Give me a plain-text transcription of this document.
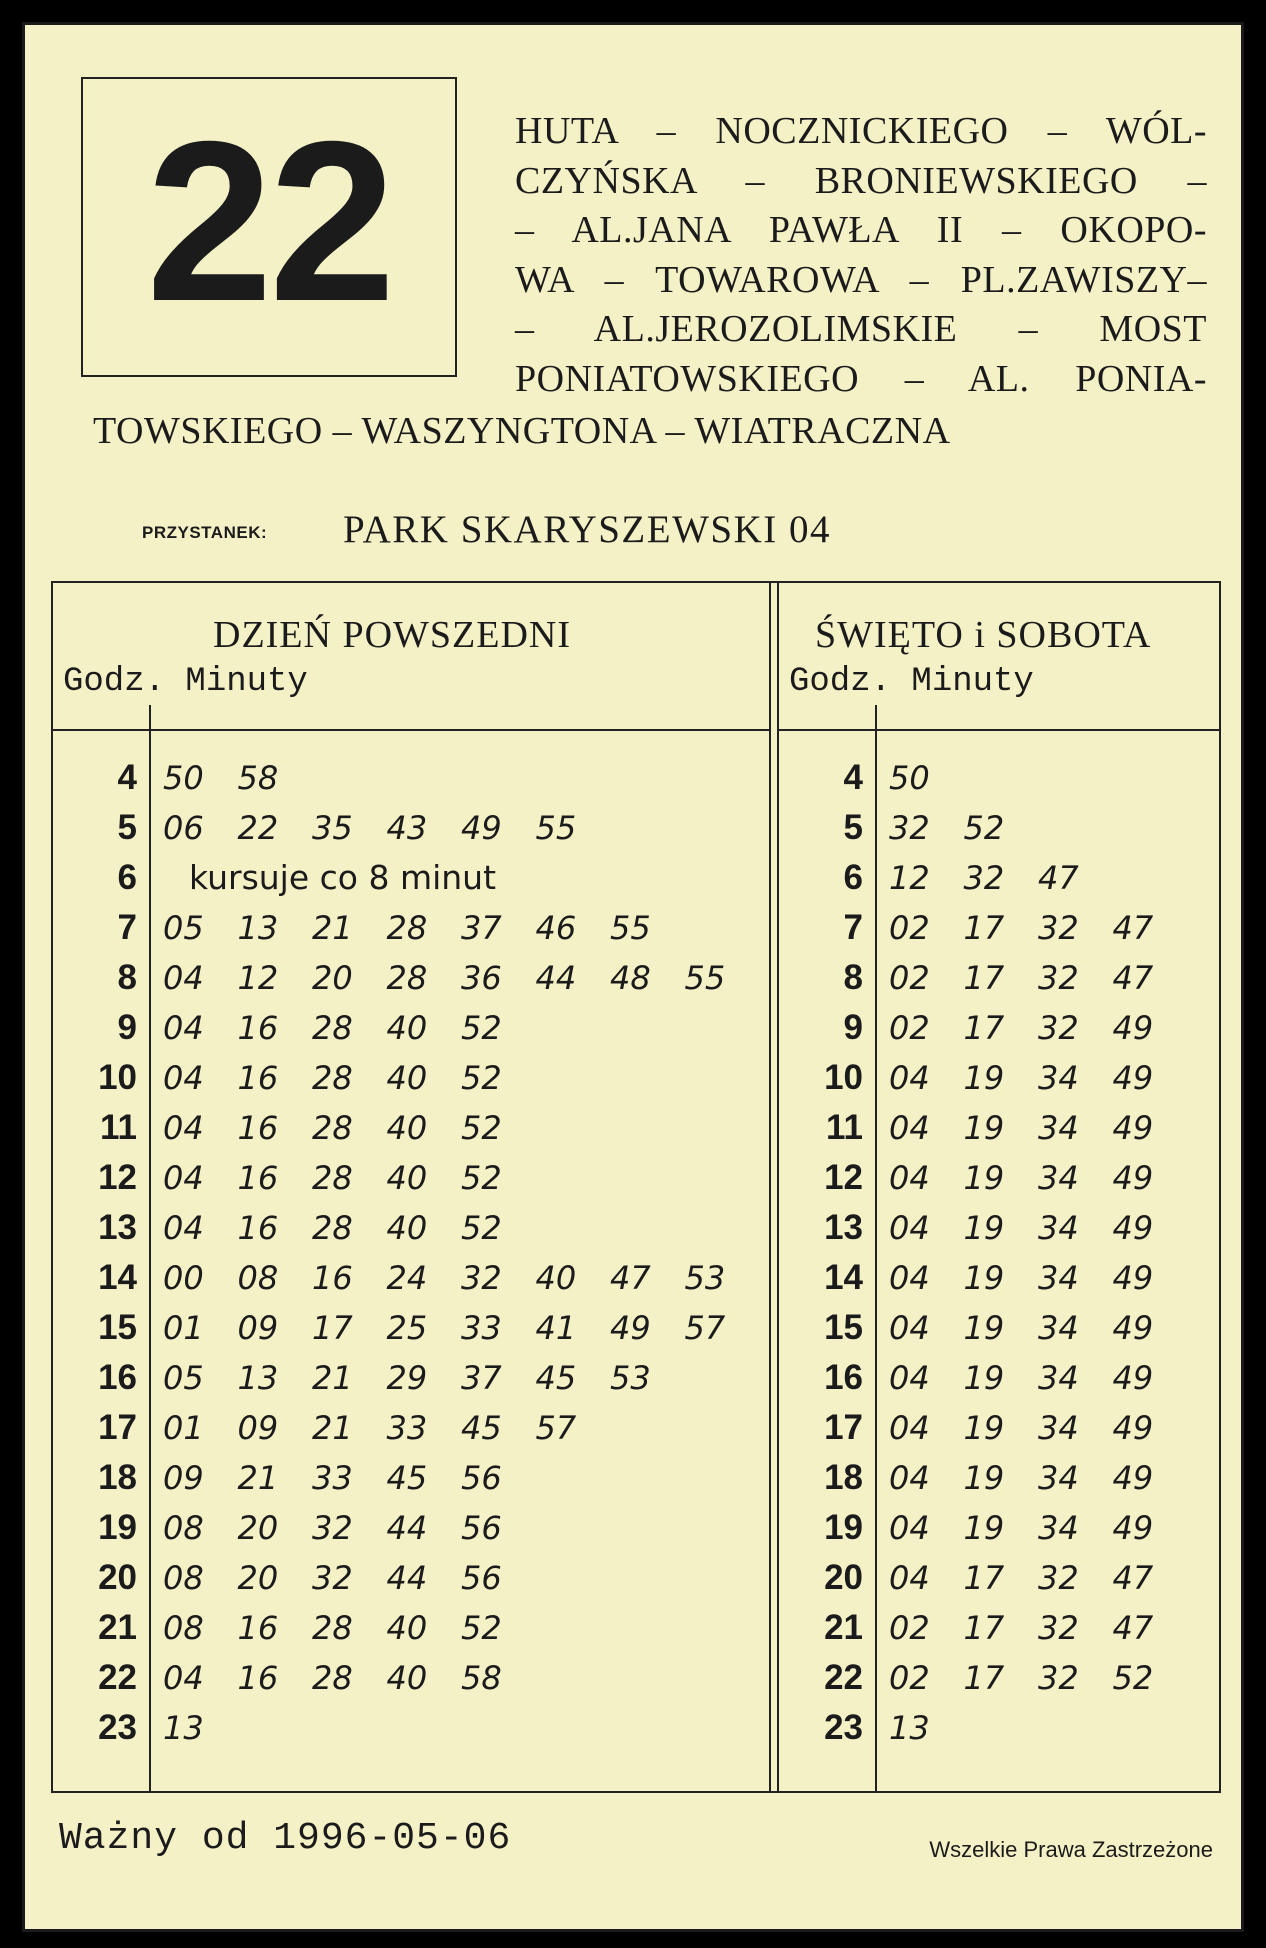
22	HUTA – NOCZNICKIEGO – WÓL-
CZYŃSKA – BRONIEWSKIEGO –
– AL.JANA PAWŁA II – OKOPO-
WA – TOWAROWA – PL.ZAWISZY–
– AL.JEROZOLIMSKIE – MOST
PONIATOWSKIEGO – AL. PONIA-
TOWSKIEGO – WASZYNGTONA – WIATRACZNA
PRZYSTANEK: PARK SKARYSZEWSKI 04
DZIEŃ POWSZEDNI
Godz. Minuty
ŚWIĘTO i SOBOTA
Godz. Minuty
4 50 58
5 06 22 35 43 49 55
6 kursuje co 8 minut
7 05 13 21 28 37 46 55
8 04 12 20 28 36 44 48 55
9 04 16 28 40 52
10 04 16 28 40 52
11 04 16 28 40 52
12 04 16 28 40 52
13 04 16 28 40 52
14 00 08 16 24 32 40 47 53
15 01 09 17 25 33 41 49 57
16 05 13 21 29 37 45 53
17 01 09 21 33 45 57
18 09 21 33 45 56
19 08 20 32 44 56
20 08 20 32 44 56
21 08 16 28 40 52
22 04 16 28 40 58
23 13
4 50
5 32 52
6 12 32 47
7 02 17 32 47
8 02 17 32 47
9 02 17 32 49
10 04 19 34 49
11 04 19 34 49
12 04 19 34 49
13 04 19 34 49
14 04 19 34 49
15 04 19 34 49
16 04 19 34 49
17 04 19 34 49
18 04 19 34 49
19 04 19 34 49
20 04 17 32 47
21 02 17 32 47
22 02 17 32 52
23 13
Ważny od 1996-05-06	Wszelkie Prawa Zastrzeżone
